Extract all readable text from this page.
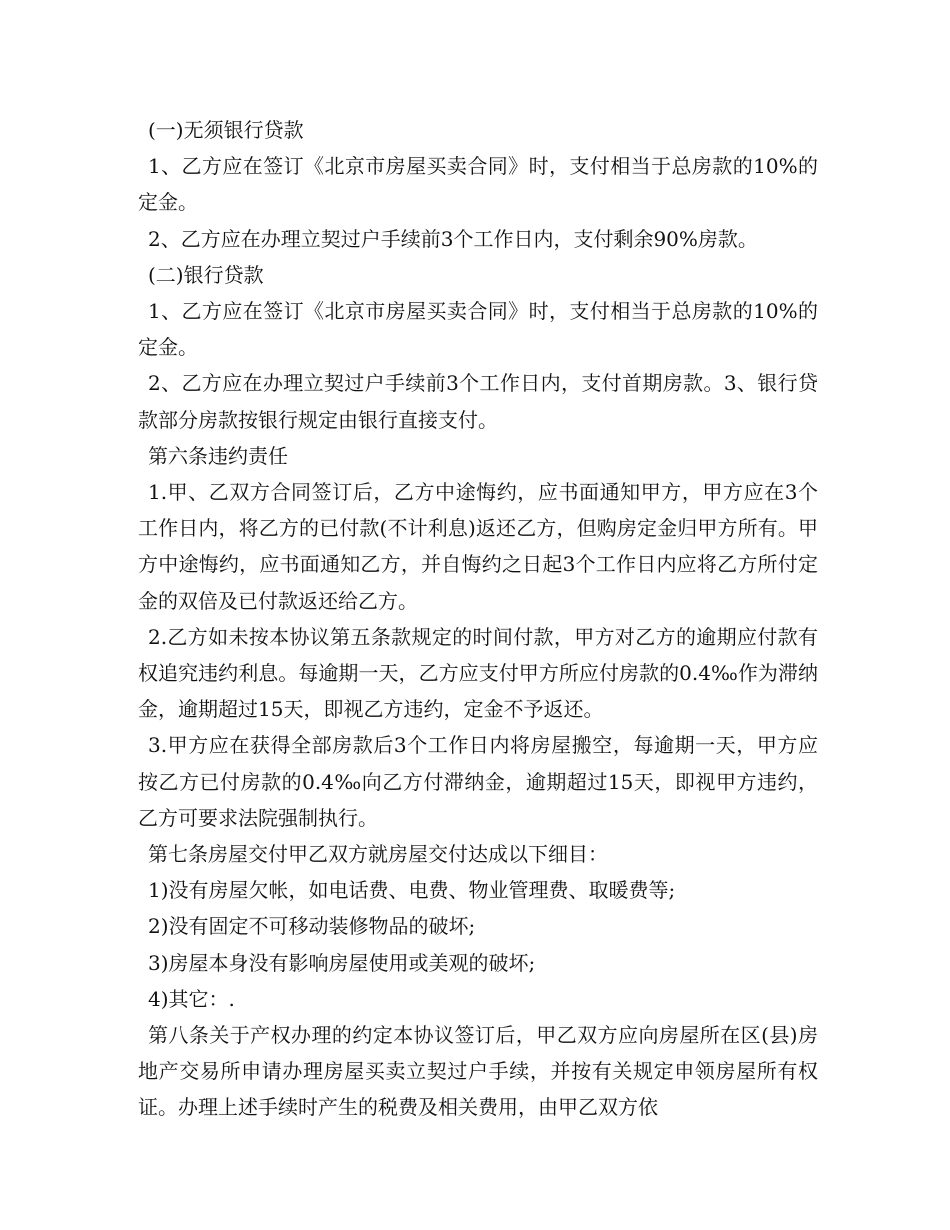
(一)无须银行贷款

1、乙方应在签订《北京市房屋买卖合同》时，支付相当于总房款的10%的定金。

2、乙方应在办理立契过户手续前3个工作日内，支付剩余90%房款。

(二)银行贷款

1、乙方应在签订《北京市房屋买卖合同》时，支付相当于总房款的10%的定金。

2、乙方应在办理立契过户手续前3个工作日内，支付首期房款。3、银行贷款部分房款按银行规定由银行直接支付。

第六条违约责任

1.甲、乙双方合同签订后，乙方中途悔约，应书面通知甲方，甲方应在3个工作日内，将乙方的已付款(不计利息)返还乙方，但购房定金归甲方所有。甲方中途悔约，应书面通知乙方，并自悔约之日起3个工作日内应将乙方所付定金的双倍及已付款返还给乙方。

2.乙方如未按本协议第五条款规定的时间付款，甲方对乙方的逾期应付款有权追究违约利息。每逾期一天，乙方应支付甲方所应付房款的0.4‰作为滞纳金，逾期超过15天，即视乙方违约，定金不予返还。

3.甲方应在获得全部房款后3个工作日内将房屋搬空，每逾期一天，甲方应按乙方已付房款的0.4‰向乙方付滞纳金，逾期超过15天，即视甲方违约，乙方可要求法院强制执行。

第七条房屋交付甲乙双方就房屋交付达成以下细目：

1)没有房屋欠帐，如电话费、电费、物业管理费、取暖费等;

2)没有固定不可移动装修物品的破坏;

3)房屋本身没有影响房屋使用或美观的破坏;

4)其它：.

第八条关于产权办理的约定本协议签订后，甲乙双方应向房屋所在区(县)房地产交易所申请办理房屋买卖立契过户手续，并按有关规定申领房屋所有权证。办理上述手续时产生的税费及相关费用，由甲乙双方依
